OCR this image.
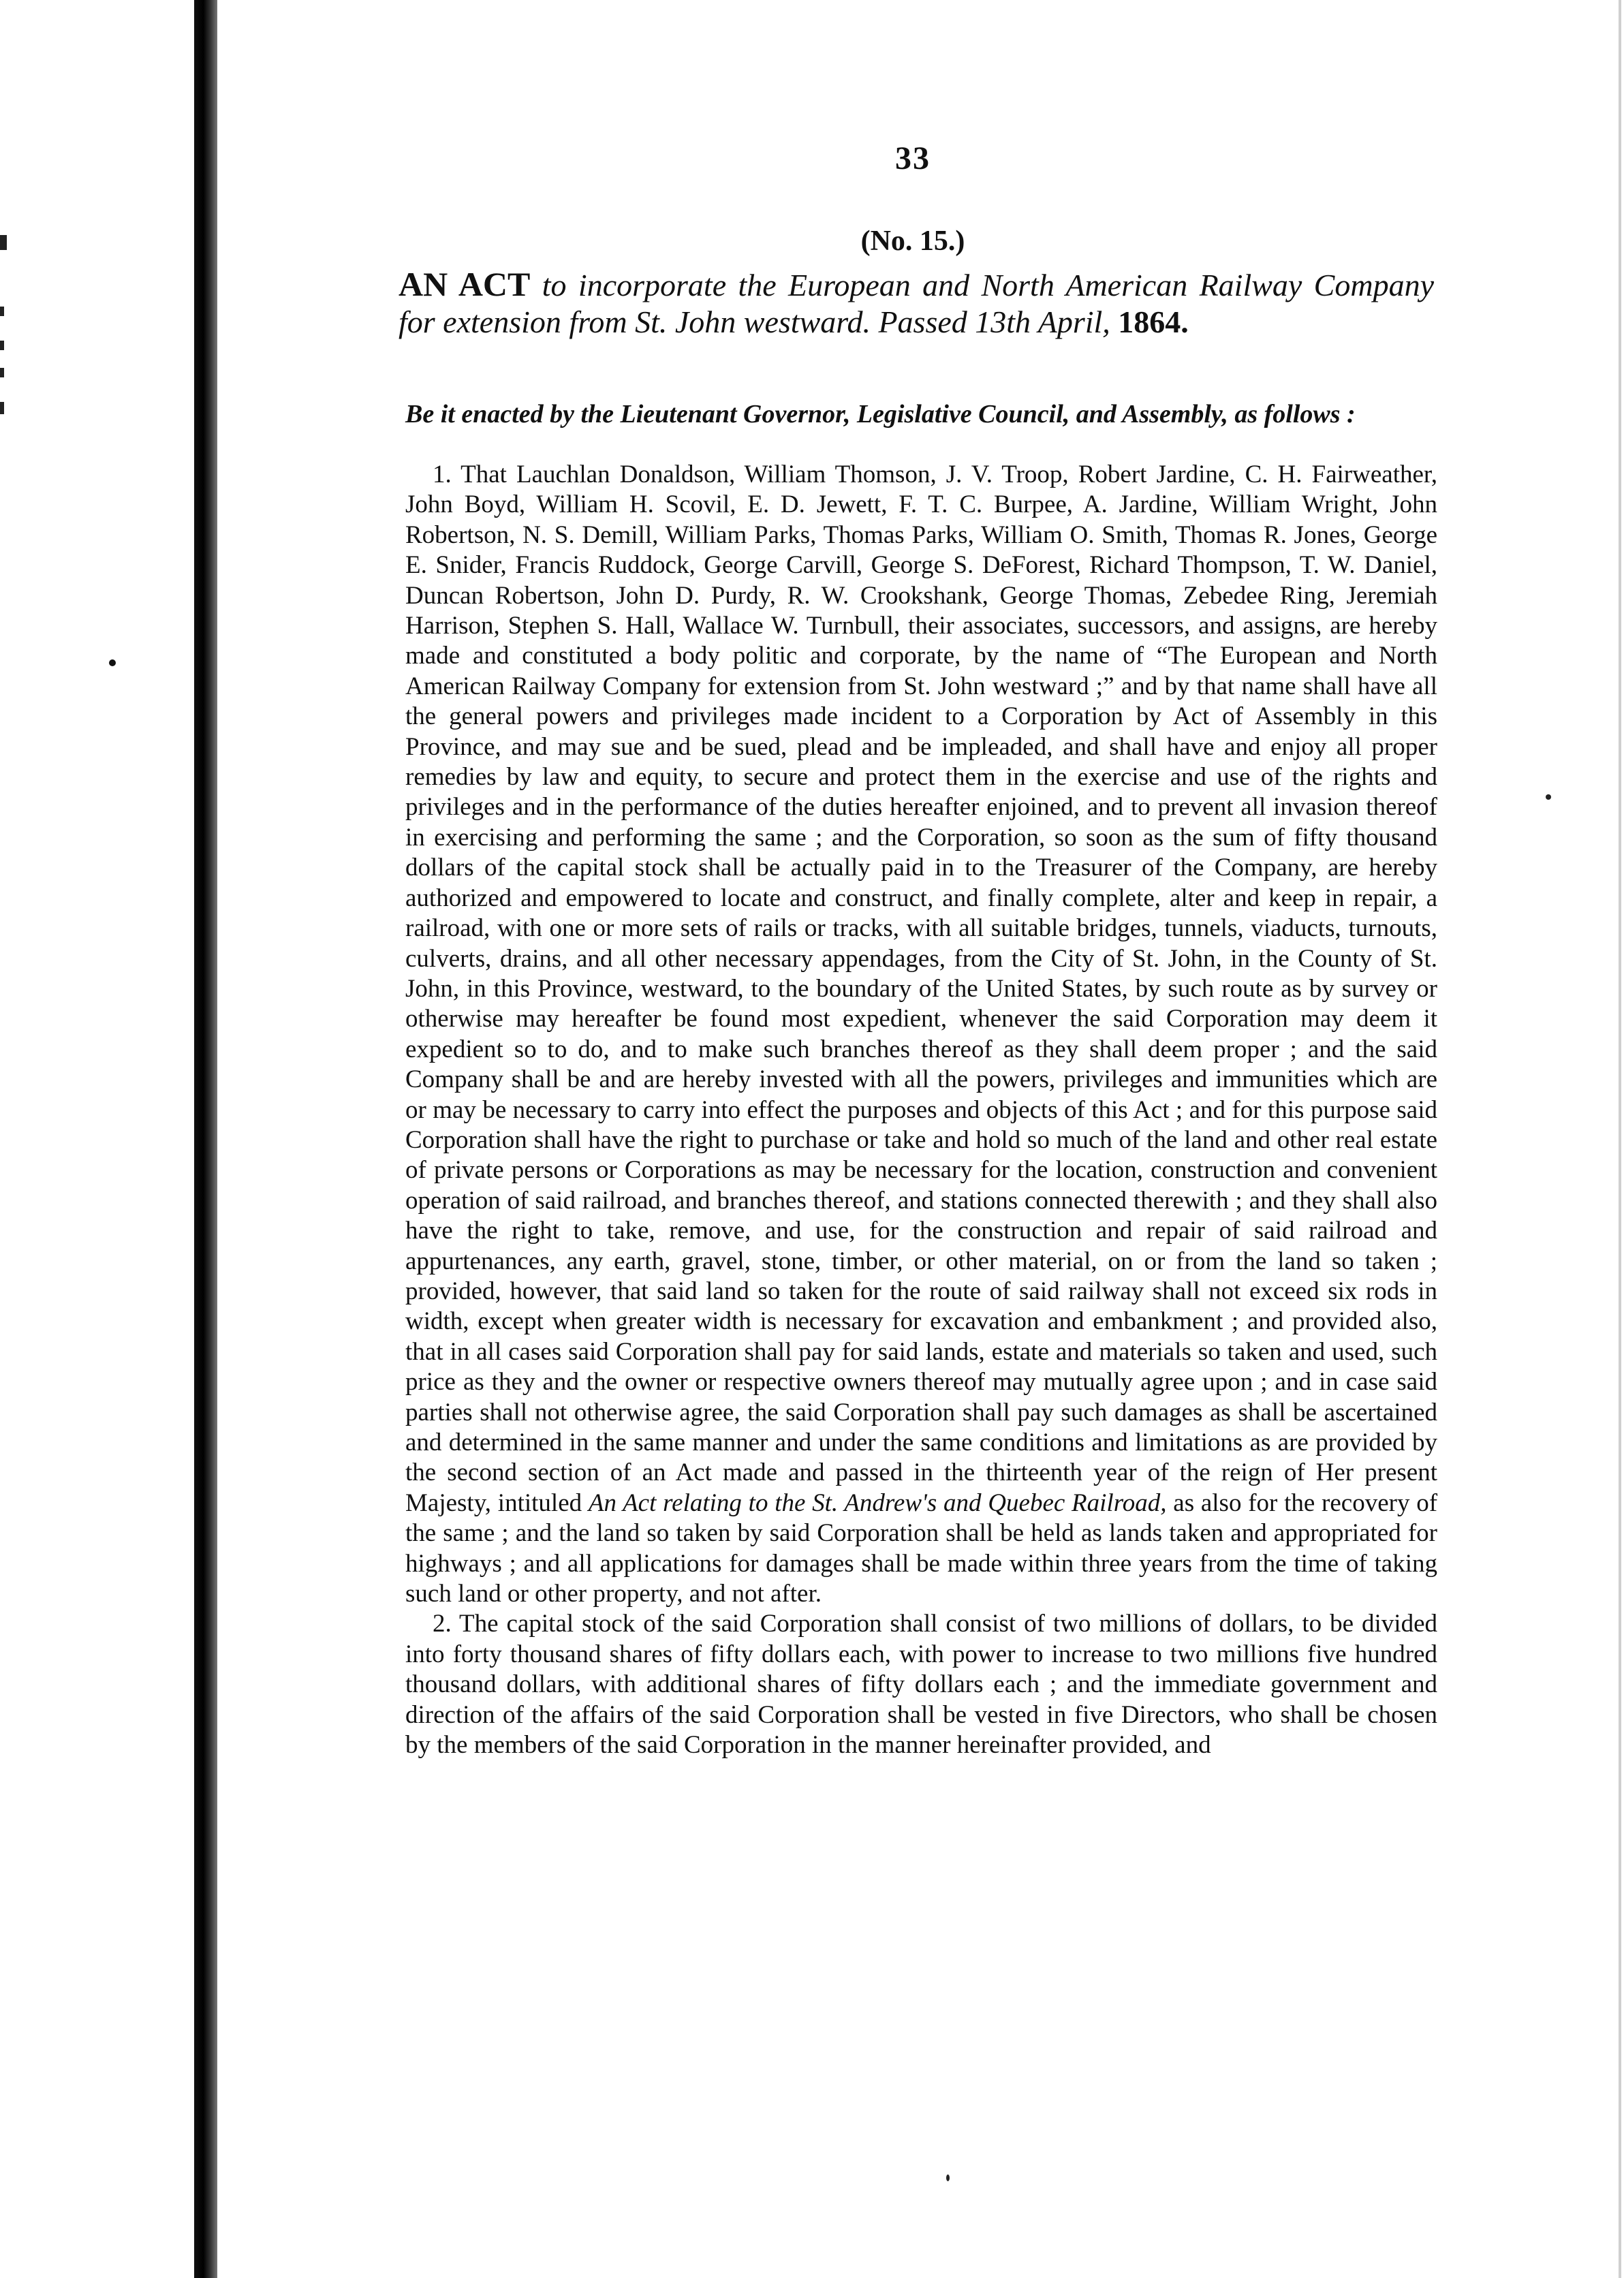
33
(No. 15.)
AN ACT to incorporate the European and North American Railway Company for extension from St. John westward. Passed 13th April, 1864.
Be it enacted by the Lieutenant Governor, Legislative Council, and Assembly, as follows :

1. That Lauchlan Donaldson, William Thomson, J. V. Troop, Robert Jardine, C. H. Fairweather, John Boyd, William H. Scovil, E. D. Jewett, F. T. C. Burpee, A. Jardine, William Wright, John Robertson, N. S. Demill, William Parks, Thomas Parks, William O. Smith, Thomas R. Jones, George E. Snider, Francis Ruddock, George Carvill, George S. DeForest, Richard Thompson, T. W. Daniel, Duncan Robertson, John D. Purdy, R. W. Crookshank, George Thomas, Zebedee Ring, Jeremiah Harrison, Stephen S. Hall, Wallace W. Turnbull, their associates, successors, and assigns, are hereby made and constituted a body politic and corporate, by the name of “The European and North American Railway Company for extension from St. John westward ;” and by that name shall have all the general powers and privileges made incident to a Corporation by Act of Assembly in this Province, and may sue and be sued, plead and be impleaded, and shall have and enjoy all proper remedies by law and equity, to secure and protect them in the exercise and use of the rights and privileges and in the performance of the duties hereafter enjoined, and to prevent all invasion thereof in exercising and performing the same ; and the Corporation, so soon as the sum of fifty thousand dollars of the capital stock shall be actually paid in to the Treasurer of the Company, are hereby authorized and empowered to locate and construct, and finally complete, alter and keep in repair, a railroad, with one or more sets of rails or tracks, with all suitable bridges, tunnels, viaducts, turnouts, culverts, drains, and all other necessary appendages, from the City of St. John, in the County of St. John, in this Province, westward, to the boundary of the United States, by such route as by survey or otherwise may hereafter be found most expedient, whenever the said Corporation may deem it expedient so to do, and to make such branches thereof as they shall deem proper ; and the said Company shall be and are hereby invested with all the powers, privileges and immunities which are or may be necessary to carry into effect the purposes and objects of this Act ; and for this purpose said Corporation shall have the right to purchase or take and hold so much of the land and other real estate of private persons or Corporations as may be necessary for the location, construction and convenient operation of said railroad, and branches thereof, and stations connected therewith ; and they shall also have the right to take, remove, and use, for the construction and repair of said railroad and appurtenances, any earth, gravel, stone, timber, or other material, on or from the land so taken ; provided, however, that said land so taken for the route of said railway shall not exceed six rods in width, except when greater width is necessary for excavation and embankment ; and provided also, that in all cases said Corporation shall pay for said lands, estate and materials so taken and used, such price as they and the owner or respective owners thereof may mutually agree upon ; and in case said parties shall not otherwise agree, the said Corporation shall pay such damages as shall be ascertained and determined in the same manner and under the same conditions and limitations as are provided by the second section of an Act made and passed in the thirteenth year of the reign of Her present Majesty, intituled An Act relating to the St. Andrew's and Quebec Railroad, as also for the recovery of the same ; and the land so taken by said Corporation shall be held as lands taken and appropriated for highways ; and all applications for damages shall be made within three years from the time of taking such land or other property, and not after.

2. The capital stock of the said Corporation shall consist of two millions of dollars, to be divided into forty thousand shares of fifty dollars each, with power to increase to two millions five hundred thousand dollars, with additional shares of fifty dollars each ; and the immediate government and direction of the affairs of the said Corporation shall be vested in five Directors, who shall be chosen by the members of the said Corporation in the manner hereinafter provided, and
